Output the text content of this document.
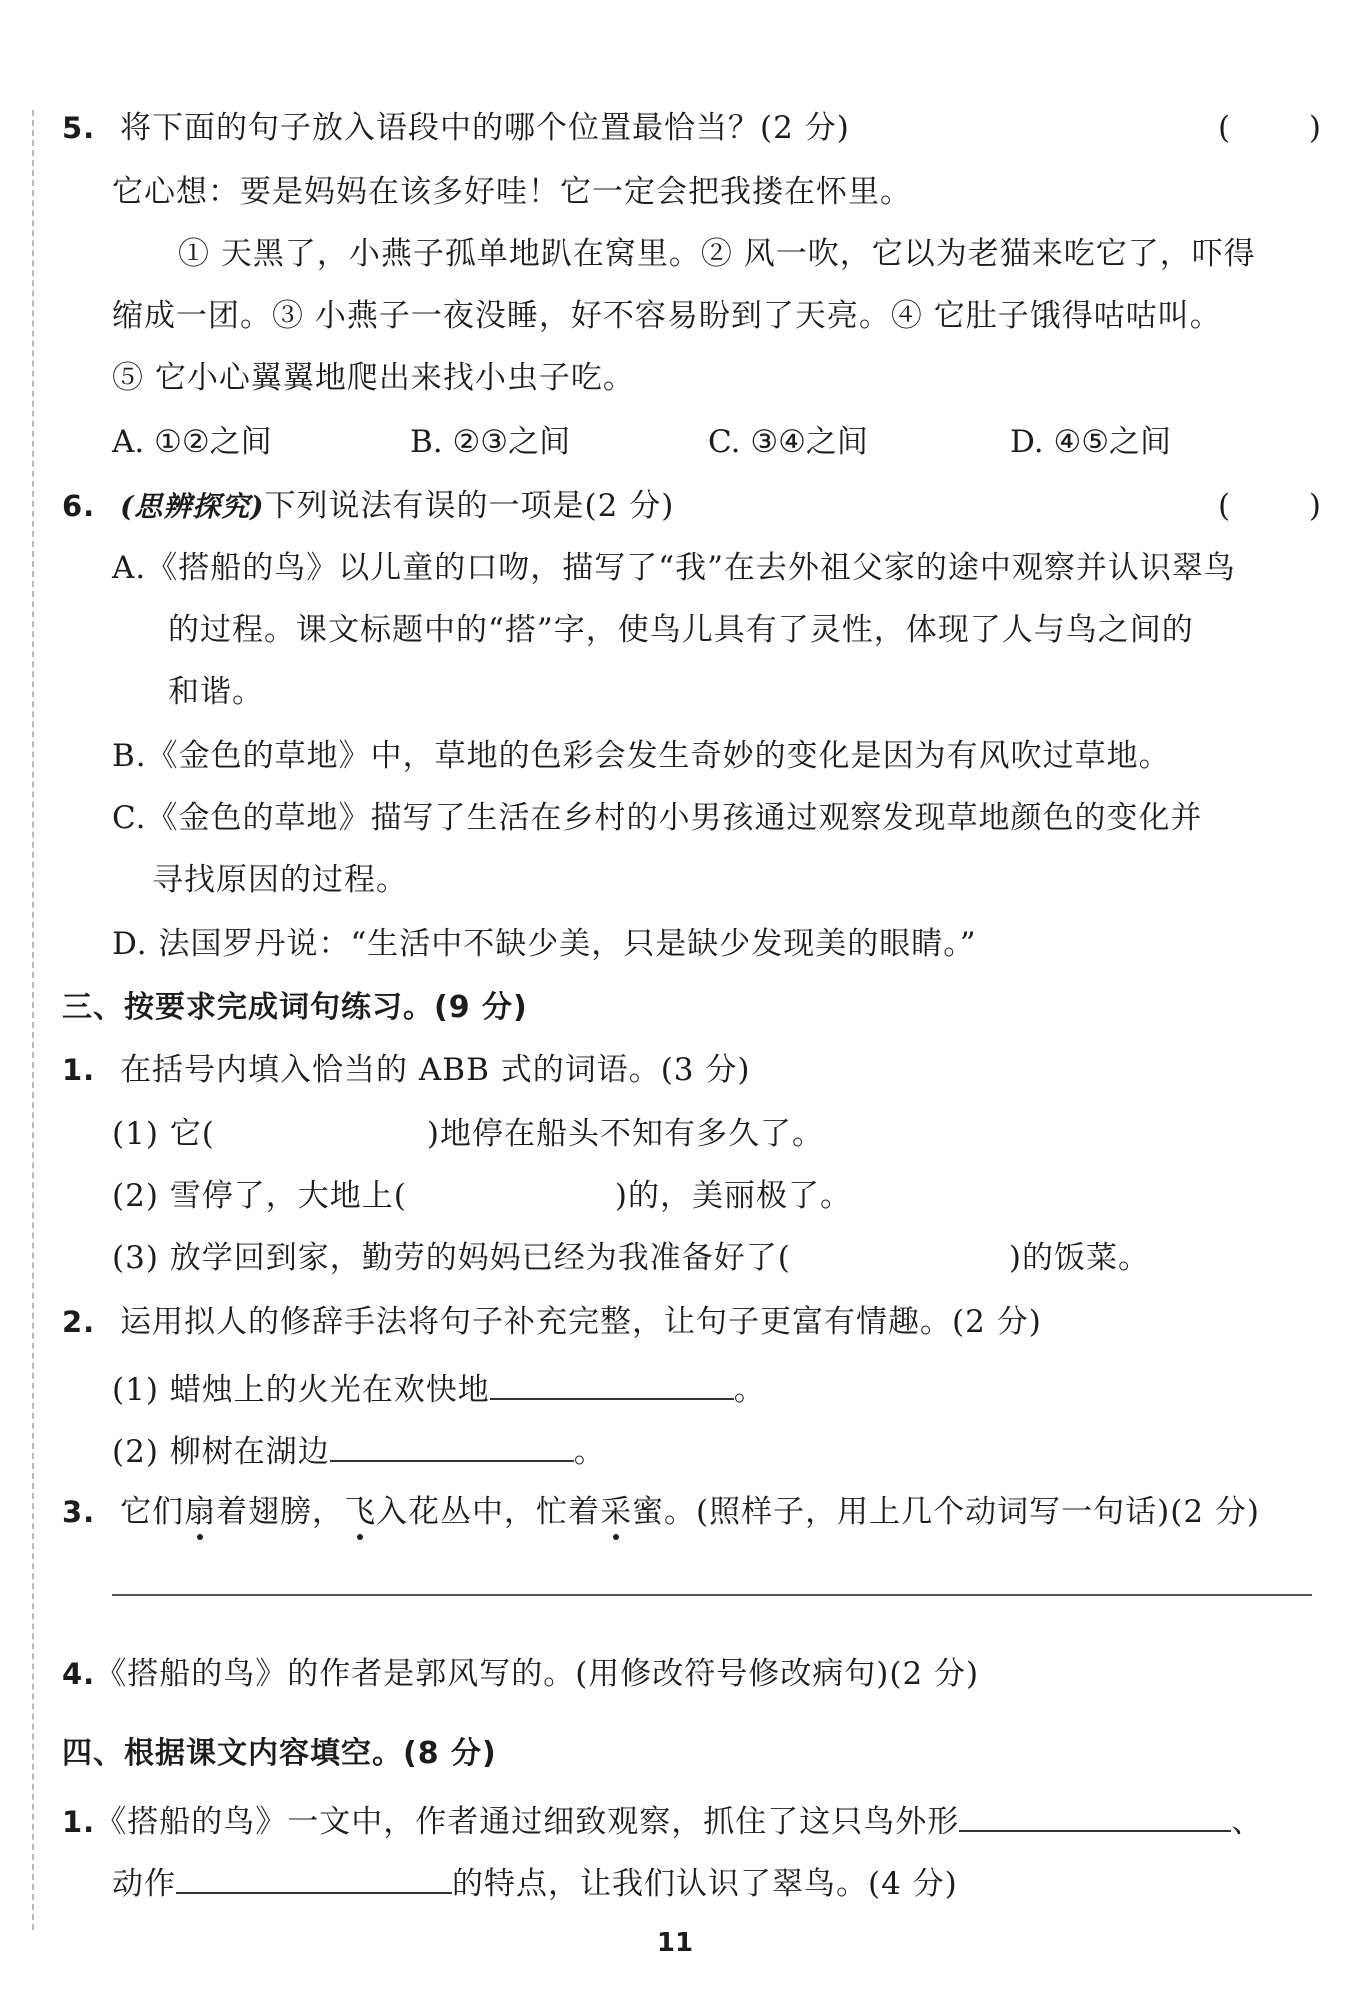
5. 将下面的句子放入语段中的哪个位置最恰当？(2 分)	(        )
它心想：要是妈妈在该多好哇！它一定会把我搂在怀里。
① 天黑了，小燕子孤单地趴在窝里。② 风一吹，它以为老猫来吃它了，吓得
缩成一团。③ 小燕子一夜没睡，好不容易盼到了天亮。④ 它肚子饿得咕咕叫。
⑤ 它小心翼翼地爬出来找小虫子吃。
A. ①②之间	B. ②③之间	C. ③④之间	D. ④⑤之间
6. (思辨探究)下列说法有误的一项是(2 分)	(        )
A.《搭船的鸟》以儿童的口吻，描写了“我”在去外祖父家的途中观察并认识翠鸟
的过程。课文标题中的“搭”字，使鸟儿具有了灵性，体现了人与鸟之间的
和谐。
B.《金色的草地》中，草地的色彩会发生奇妙的变化是因为有风吹过草地。
C.《金色的草地》描写了生活在乡村的小男孩通过观察发现草地颜色的变化并
寻找原因的过程。
D. 法国罗丹说：“生活中不缺少美，只是缺少发现美的眼睛。”
三、按要求完成词句练习。(9 分)
1. 在括号内填入恰当的 ABB 式的词语。(3 分)
(1) 它(	)地停在船头不知有多久了。
(2) 雪停了，大地上(	)的，美丽极了。
(3) 放学回到家，勤劳的妈妈已经为我准备好了(	)的饭菜。
2. 运用拟人的修辞手法将句子补充完整，让句子更富有情趣。(2 分)
(1) 蜡烛上的火光在欢快地	。
(2) 柳树在湖边	。
3. 它们扇着翅膀，飞入花丛中，忙着采蜜。(照样子，用上几个动词写一句话)(2 分)
4.《搭船的鸟》的作者是郭风写的。(用修改符号修改病句)(2 分)
四、根据课文内容填空。(8 分)
1.《搭船的鸟》一文中，作者通过细致观察，抓住了这只鸟外形	、
动作	的特点，让我们认识了翠鸟。(4 分)
11
